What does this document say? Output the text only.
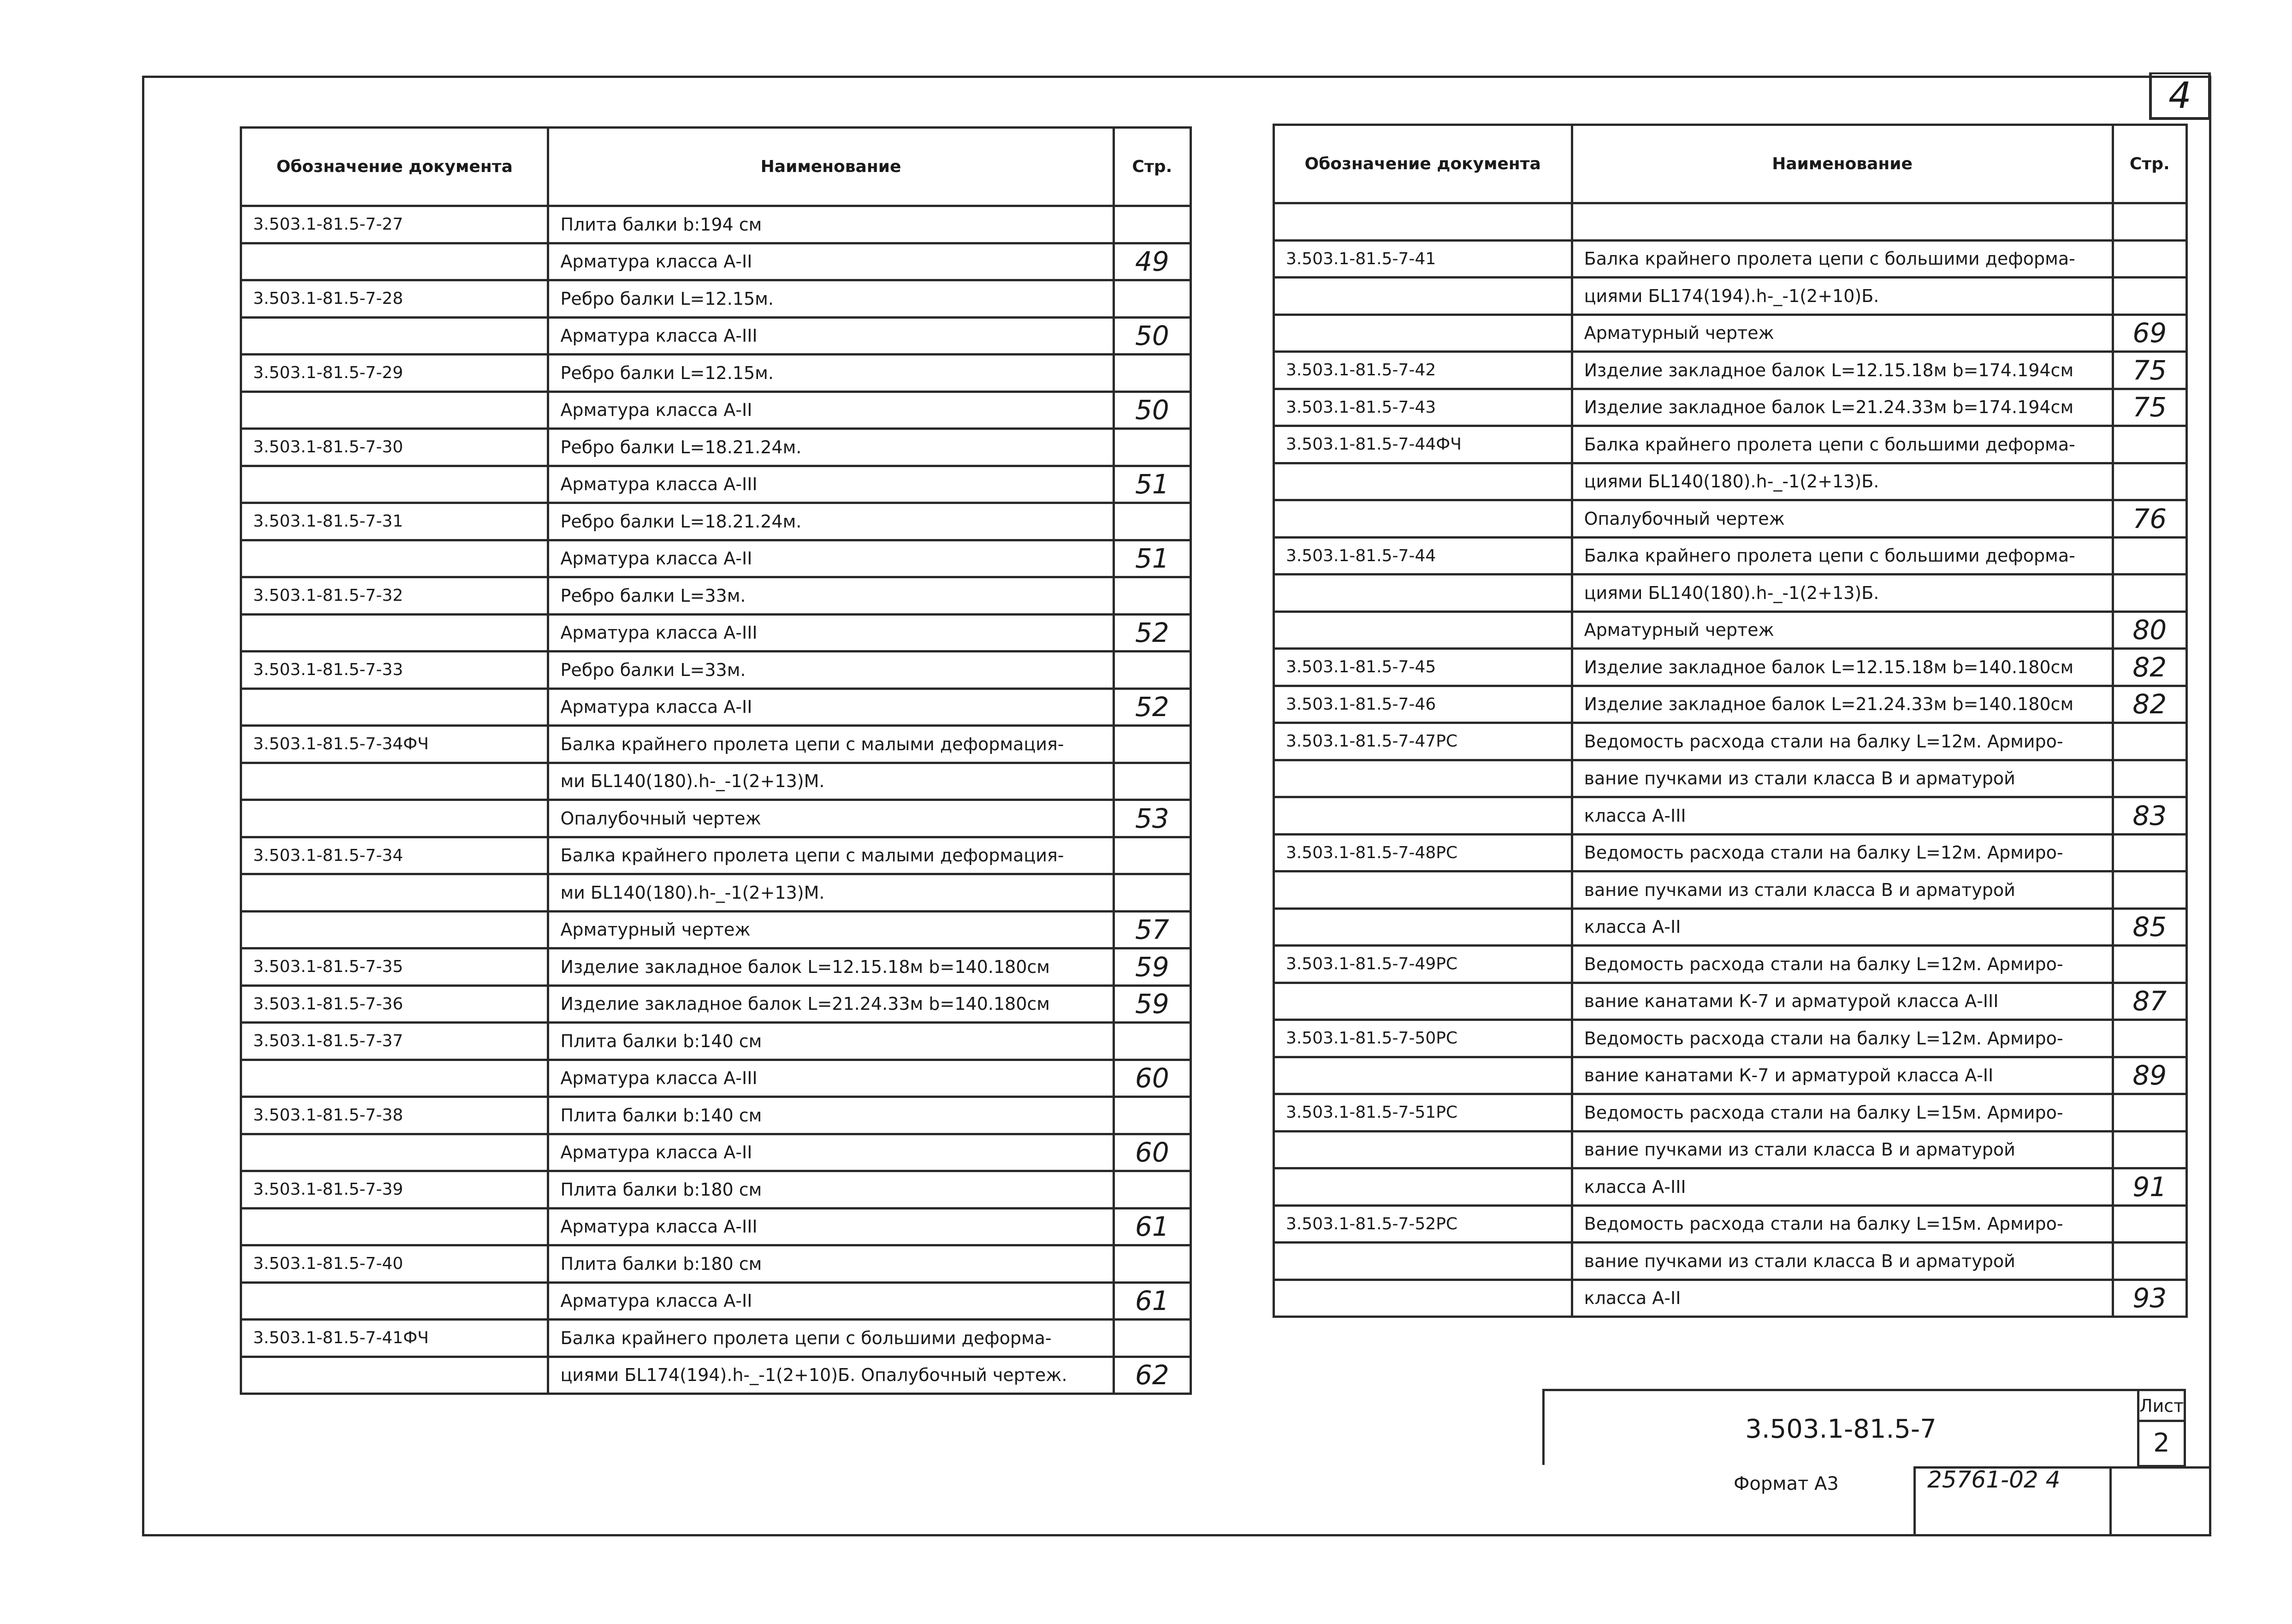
4
Обозначение документа	Наименование	Стр.
3.503.1-81.5-7-27	Плита балки b:194 см	
	Арматура класса А-II	49
3.503.1-81.5-7-28	Ребро балки L=12.15м.	
	Арматура класса А-III	50
3.503.1-81.5-7-29	Ребро балки L=12.15м.	
	Арматура класса А-II	50
3.503.1-81.5-7-30	Ребро балки L=18.21.24м.	
	Арматура класса А-III	51
3.503.1-81.5-7-31	Ребро балки L=18.21.24м.	
	Арматура класса А-II	51
3.503.1-81.5-7-32	Ребро балки L=33м.	
	Арматура класса А-III	52
3.503.1-81.5-7-33	Ребро балки L=33м.	
	Арматура класса А-II	52
3.503.1-81.5-7-34ФЧ	Балка крайнего пролета цепи с малыми деформация-	
	ми БL140(180).h-_-1(2+13)М.	
	Опалубочный чертеж	53
3.503.1-81.5-7-34	Балка крайнего пролета цепи с малыми деформация-	
	ми БL140(180).h-_-1(2+13)М.	
	Арматурный чертеж	57
3.503.1-81.5-7-35	Изделие закладное балок L=12.15.18м b=140.180см	59
3.503.1-81.5-7-36	Изделие закладное балок L=21.24.33м b=140.180см	59
3.503.1-81.5-7-37	Плита балки b:140 см	
	Арматура класса А-III	60
3.503.1-81.5-7-38	Плита балки b:140 см	
	Арматура класса А-II	60
3.503.1-81.5-7-39	Плита балки b:180 см	
	Арматура класса А-III	61
3.503.1-81.5-7-40	Плита балки b:180 см	
	Арматура класса А-II	61
3.503.1-81.5-7-41ФЧ	Балка крайнего пролета цепи с большими деформа-	
	циями БL174(194).h-_-1(2+10)Б. Опалубочный чертеж.	62
Обозначение документа	Наименование	Стр.

3.503.1-81.5-7-41	Балка крайнего пролета цепи с большими деформа-	
	циями БL174(194).h-_-1(2+10)Б.	
	Арматурный чертеж	69
3.503.1-81.5-7-42	Изделие закладное балок L=12.15.18м b=174.194см	75
3.503.1-81.5-7-43	Изделие закладное балок L=21.24.33м b=174.194см	75
3.503.1-81.5-7-44ФЧ	Балка крайнего пролета цепи с большими деформа-	
	циями БL140(180).h-_-1(2+13)Б.	
	Опалубочный чертеж	76
3.503.1-81.5-7-44	Балка крайнего пролета цепи с большими деформа-	
	циями БL140(180).h-_-1(2+13)Б.	
	Арматурный чертеж	80
3.503.1-81.5-7-45	Изделие закладное балок L=12.15.18м b=140.180см	82
3.503.1-81.5-7-46	Изделие закладное балок L=21.24.33м b=140.180см	82
3.503.1-81.5-7-47РС	Ведомость расхода стали на балку L=12м. Армиро-	
	вание пучками из стали класса В и арматурой	
	класса А-III	83
3.503.1-81.5-7-48РС	Ведомость расхода стали на балку L=12м. Армиро-	
	вание пучками из стали класса В и арматурой	
	класса А-II	85
3.503.1-81.5-7-49РС	Ведомость расхода стали на балку L=12м. Армиро-	
	вание канатами К-7 и арматурой класса А-III	87
3.503.1-81.5-7-50РС	Ведомость расхода стали на балку L=12м. Армиро-	
	вание канатами К-7 и арматурой класса А-II	89
3.503.1-81.5-7-51РС	Ведомость расхода стали на балку L=15м. Армиро-	
	вание пучками из стали класса В и арматурой	
	класса А-III	91
3.503.1-81.5-7-52РС	Ведомость расхода стали на балку L=15м. Армиро-	
	вание пучками из стали класса В и арматурой	
	класса А-II	93
3.503.1-81.5-7
Лист
2
Формат А3	25761-02 4
